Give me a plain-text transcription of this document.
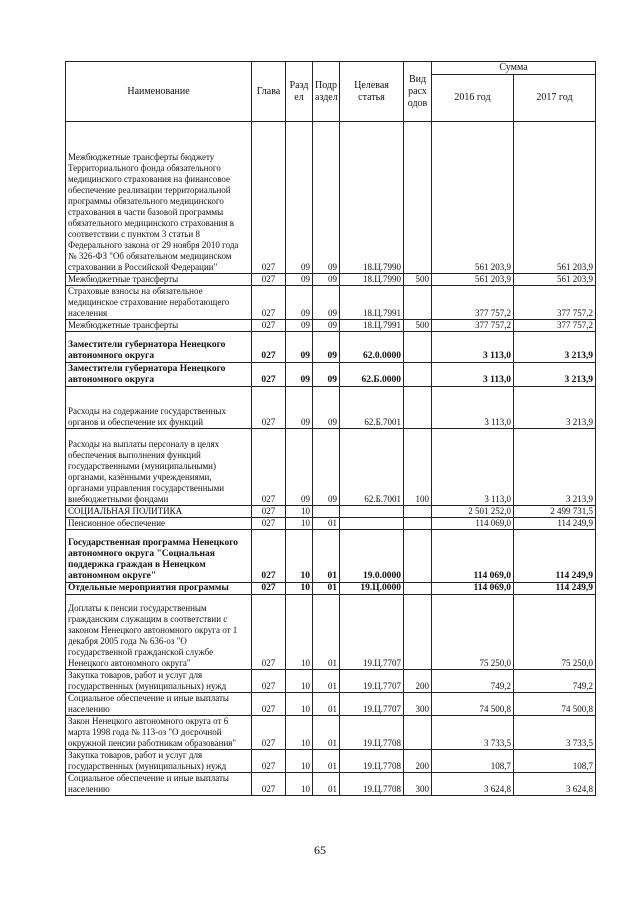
Наименование	Глава	Разд ел	Подр аздел	Целевая статья	Вид расх одов	Сумма	
						2016 год	2017 год
Межбюджетные трансферты бюджету Территориального фонда обязательного медицинского страхования на финансовое обеспечение реализации территориальной программы обязательного медицинского страхования в части базовой программы обязательного медицинского страхования в соответствии с пунктом 3 статьи 8 Федерального закона от 29 ноября 2010 года № 326-ФЗ "Об обязательном медицинском страховании в Российской Федерации"	027	09	09	18.Ц.7990		561 203,9	561 203,9
Межбюджетные трансферты	027	09	09	18.Ц.7990	500	561 203,9	561 203,9
Страховые взносы на обязательное медицинское страхование неработающего населения	027	09	09	18.Ц.7991		377 757,2	377 757,2
Межбюджетные трансферты	027	09	09	18.Ц.7991	500	377 757,2	377 757,2
Заместители губернатора Ненецкого автономного округа	027	09	09	62.0.0000		3 113,0	3 213,9
Заместители губернатора Ненецкого автономного округа	027	09	09	62.Б.0000		3 113,0	3 213,9
Расходы на содержание государственных органов и обеспечение их функций	027	09	09	62.Б.7001		3 113,0	3 213,9
Расходы на выплаты персоналу в целях обеспечения выполнения функций государственными (муниципальными) органами, казёнными учреждениями, органами управления государственными внебюджетными фондами	027	09	09	62.Б.7001	100	3 113,0	3 213,9
СОЦИАЛЬНАЯ ПОЛИТИКА	027	10				2 501 252,0	2 499 731,5
Пенсионное обеспечение	027	10	01			114 069,0	114 249,9
Государственная программа Ненецкого автономного округа "Социальная поддержка граждан в Ненецком автономном округе"	027	10	01	19.0.0000		114 069,0	114 249,9
Отдельные мероприятия программы	027	10	01	19.Ц.0000		114 069,0	114 249,9
Доплаты к пенсии государственным гражданским служащим в соответствии с законом Ненецкого автономного округа от 1 декабря 2005 года № 636-оз "О государственной гражданской службе Ненецкого автономного округа"	027	10	01	19.Ц.7707		75 250,0	75 250,0
Закупка товаров, работ и услуг для государственных (муниципальных) нужд	027	10	01	19.Ц.7707	200	749,2	749,2
Социальное обеспечение и иные выплаты населению	027	10	01	19.Ц.7707	300	74 500,8	74 500,8
Закон Ненецкого автономного округа от 6 марта 1998 года № 113-оз "О досрочной окружной пенсии работникам образования"	027	10	01	19.Ц.7708		3 733,5	3 733,5
Закупка товаров, работ и услуг для государственных (муниципальных) нужд	027	10	01	19.Ц.7708	200	108,7	108,7
Социальное обеспечение и иные выплаты населению	027	10	01	19.Ц.7708	300	3 624,8	3 624,8
65
